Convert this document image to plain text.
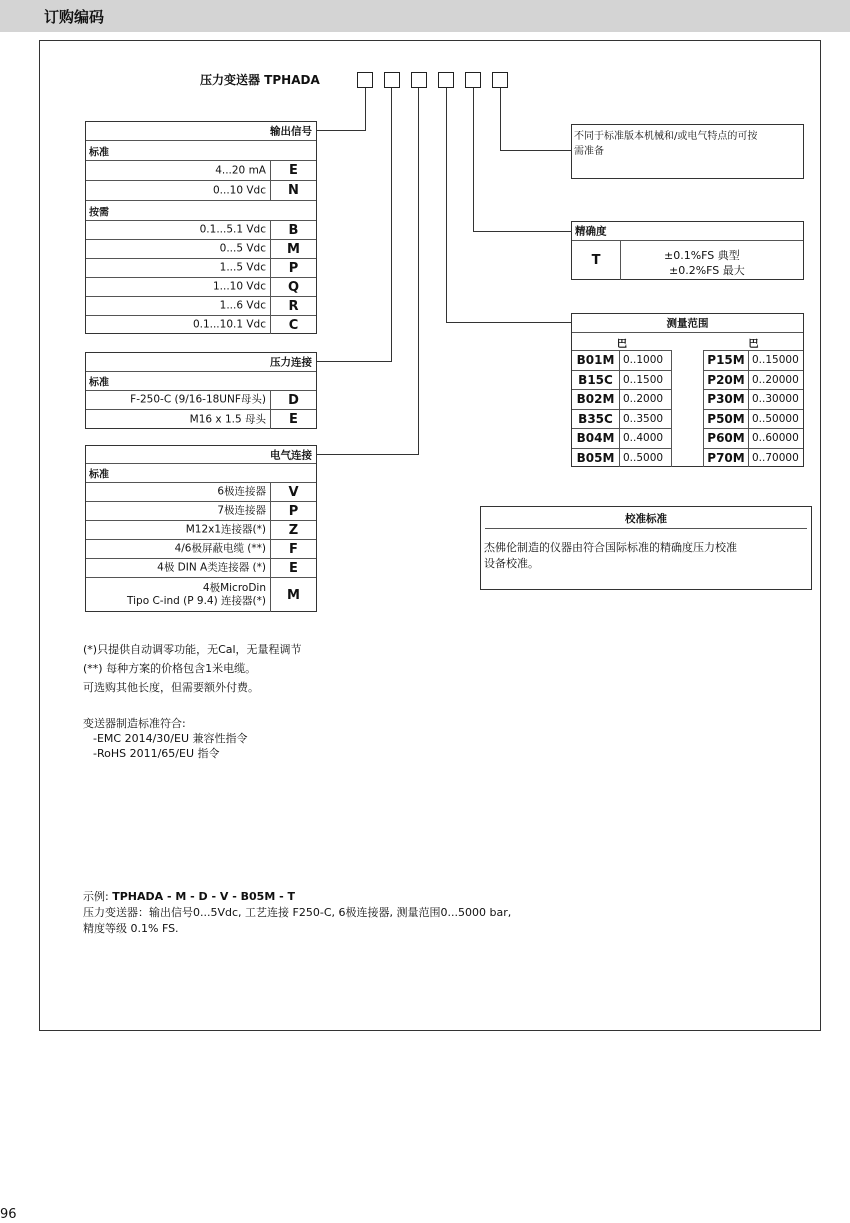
订购编码
压力变送器 TPHADA
输出信号
标准
4...20 mA	E
0...10 Vdc	N
按需
0.1...5.1 Vdc	B
0...5 Vdc	M
1...5 Vdc	P
1...10 Vdc	Q
1...6 Vdc	R
0.1...10.1 Vdc	C
压力连接
标准
F-250-C (9/16-18UNF母头)	D
M16 x 1.5 母头	E
电气连接
标准
6极连接器	V
7极连接器	P
M12x1连接器(*)	Z
4/6极屏蔽电缆 (**)	F
4极 DIN A类连接器 (*)	E
4极MicroDin
Tipo C-ind (P 9.4) 连接器(*)	M
不同于标准版本机械和/或电气特点的可按
需准备
精确度
T	±0.1%FS 典型
±0.2%FS 最大
测量范围
巴	巴
B01M 0..1000	P15M 0..15000
B15C 0..1500	P20M 0..20000
B02M 0..2000	P30M 0..30000
B35C 0..3500	P50M 0..50000
B04M 0..4000	P60M 0..60000
B05M 0..5000	P70M 0..70000
校准标准
杰佛伦制造的仪器由符合国际标准的精确度压力校准
设备校准。
(*)只提供自动调零功能，无Cal，无量程调节
(**) 每种方案的价格包含1米电缆。
可选购其他长度，但需要额外付费。
变送器制造标准符合:
-EMC 2014/30/EU 兼容性指令
-RoHS 2011/65/EU 指令
示例: TPHADA - M - D - V - B05M - T
压力变送器：输出信号0...5Vdc, 工艺连接 F250-C, 6极连接器, 测量范围0...5000 bar,
精度等级 0.1% FS.
96
